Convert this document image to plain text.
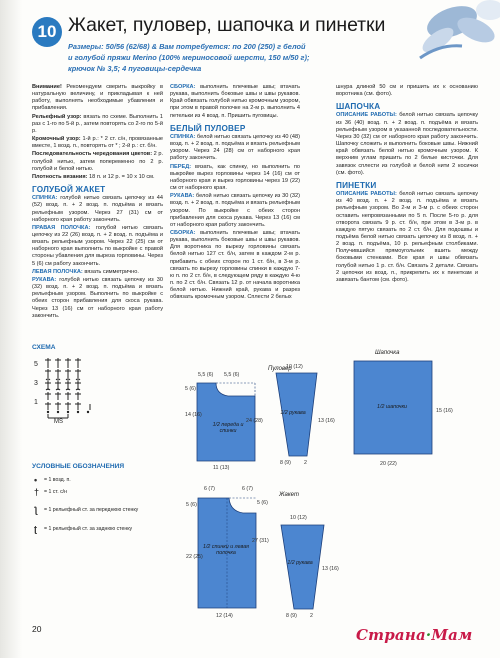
10 Жакет, пуловер, шапочка и пинетки
Размеры: 50/56 (62/68) & Вам потребуется: по 200 (250) г белой
и голубой пряжи Merino (100% мериносовой шерсти, 150 м/50 г);
крючок № 3,5; 4 пуговицы-сердечка

Внимание! Рекомендуем сверить выкройку в натуральную величину, и прикладывая к ней работу, выполнять необходимые убавления и прибавления.

Рельефный узор: вязать по схеме. Выполнить 1 раз с 1-го по 5-й р., затем повторять со 2-го по 5-й р.

Кромочный узор: 1-й р.: * 2 ст. с/н, провязанные вместе, 1 возд. п., повторять от * ; 2-й р.: ст. б/н.

Последовательность чередования цветов: 2 р. голубой нитью, затем попеременно по 2 р. голубой и белой нитью.

Плотность вязания: 18 п. и 12 р. = 10 х 10 см.

ГОЛУБОЙ ЖАКЕТ

СПИНКА: голубой нитью связать цепочку из 44 (52) возд. п. + 2 возд. п. подъёма и вязать рельефным узором. Через 27 (31) см от наборного края работу закончить.

ПРАВАЯ ПОЛОЧКА: голубой нитью связать цепочку из 22 (26) возд. п. + 2 возд. п. подъёма и вязать рельефным узором. Через 22 (25) см от наборного края выполнить по выкройке с правой стороны убавления для выреза горловины. Через 5 (6) см работу закончить.

ЛЕВАЯ ПОЛОЧКА: вязать симметрично.

РУКАВА: голубой нитью связать цепочку из 30 (32) возд. п. + 2 возд. п. подъёма и вязать рельефным узором. Выполнить по выкройке с обеих сторон прибавления для скоса рукава. Через 13 (16) см от наборного края работу закончить.

СБОРКА: выполнить плечевые швы; втачать рукава, выполнить боковые швы и швы рукавов. Край обвязать голубой нитью кромочным узором, при этом в правой полочке на 2-м р. выполнить 4 петельки из 4 возд. п. Пришить пуговицы.

БЕЛЫЙ ПУЛОВЕР

СПИНКА: белой нитью связать цепочку из 40 (48) возд. п. + 2 возд. п. подъёма и вязать рельефным узором. Через 24 (28) см от наборного края работу закончить.

ПЕРЕД: вязать, как спинку, но выполнить по выкройке вырез горловины через 14 (16) см от наборного края и вырез горловины через 19 (22) см от наборного края.

РУКАВА: белой нитью связать цепочку из 30 (32) возд. п. + 2 возд. п. подъёма и вязать рельефным узором. По выкройке с обеих сторон прибавления для скоса рукава. Через 13 (16) см от наборного края работу закончить.

СБОРКА: выполнить плечевые швы; втачать рукава, выполнить боковые швы и швы рукавов. Для воротника по вырезу горловины связать белой нитью 127 ст. б/н, затем в каждом 2-м р. прибавить с обеих сторон по 1 ст. б/н, в 3-м р. связать по вырезу горловины спинки в каждую 7-ю п. по 2 ст. б/н, в следующем ряду в каждую 4-ю п. по 2 ст. б/н. Связать 12 р. от начала воротника белой нитью. Нижний край, рукава и разрез обвязать кромочным узором. Сплести 2 белых

шнура длиной 50 см и пришить их к основанию воротника (см. фото).

ШАПОЧКА

ОПИСАНИЕ РАБОТЫ: белой нитью связать цепочку из 36 (40) возд. п. + 2 возд. п. подъёма и вязать рельефным узором в указанной последовательности. Через 30 (32) см от наборного края работу закончить. Шапочку сложить и выполнить боковые швы. Нижний край обвязать белой нитью кромочным узором. К верхним углам пришить по 2 белые кисточки. Для завязок сплести из голубой и белой нити 2 косички (см. фото).

ПИНЕТКИ

ОПИСАНИЕ РАБОТЫ: белой нитью связать цепочку из 40 возд. п. + 2 возд. п. подъёма и вязать рельефным узором. Во 2-м и 3-м р. с обеих сторон оставить непровязанными по 5 п. После 5-го р. для отворота связать 9 р. ст. б/н, при этом в 3-м р. в каждую пятую связать по 2 ст. б/н. Для подошвы и подъёма белой нитью связать цепочку из 8 возд. п. + 2 возд. п. подъёма, 10 р. рельефным столбиками. Получившийся прямоугольник вшить между боковыми стенками. Все края и швы обвязать голубой нитью 1 р. ст. б/н. Связать 2 детали. Связать 2 цепочки из возд. п., прикрепить их к пинеткам и завязать бантом (см. фото).

СХЕМА
5
3
1
MS
УСЛОВНЫЕ ОБОЗНАЧЕНИЯ
• = 1 возд. п.
† = 1 ст. с/н
ƪ = 1 рельефный ст. за переднюю стенку
ʈ = 1 рельефный ст. за заднюю стенку
1/2 переда и спинки
5,5 (6) 5,5 (6)
5 (6)
14 (16)
24 (28)
11 (13)
Пуловер
1/2 рукава
10 (12)
13 (16)
8 (9) 2
Шапочка
1/2 шапочки
15 (16)
20 (22)
Жакет
1/2 спинки и левая полочка
5 (6)
22 (25)
27 (31)
6 (7)
12 (14)
5 (6)
6 (7)
1/2 рукава
10 (12)
13 (16)
8 (9) 2
20	Страна·Мам
